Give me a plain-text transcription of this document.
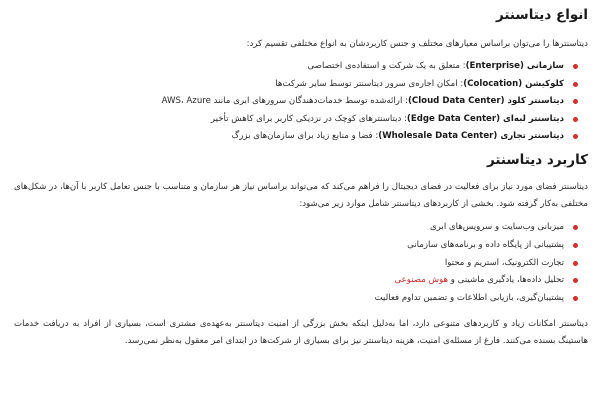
انواع دیتاسنتر

دیتاسنترها را می‌توان براساس معیارهای مختلف و جنس کاربردشان به انواع مختلفی تقسیم کرد:

سازمانی (Enterprise): متعلق به یک شرکت و استفاده‌ی اختصاصی
کلوکیشن (Colocation): امکان اجاره‌ی سرور دیتاسنتر توسط سایر شرکت‌ها
دیتاسنتر کلود (Cloud Data Center): ارائه‌شده توسط خدمات‌دهندگان سرورهای ابری مانند AWS، Azure
دیتاسنتر لبه‌ای (Edge Data Center): دیتاسنترهای کوچک در نزدیکی کاربر برای کاهش تأخیر
دیتاسنتر تجاری (Wholesale Data Center): فضا و منابع زیاد برای سازمان‌های بزرگ
کاربرد دیتاسنتر

دیتاسنتر فضای مورد نیاز برای فعالیت در فضای دیجیتال را فراهم می‌کند که می‌تواند براساس نیاز هر سازمان و متناسب با جنس تعامل کاربر با آن‌ها، در شکل‌های مختلفی به‌کار گرفته شود. بخشی از کاربردهای دیتاسنتر شامل موارد زیر می‌شود:

میزبانی وب‌سایت و سرویس‌های ابری
پشتیبانی از پایگاه داده و برنامه‌های سازمانی
تجارت الکترونیک، استریم و محتوا
تحلیل داده‌ها، یادگیری ماشینی و هوش مصنوعی
پشتیبان‌گیری، بازیابی اطلاعات و تضمین تداوم فعالیت

دیتاسنتر امکانات زیاد و کاربردهای متنوعی دارد، اما به‌دلیل اینکه بخش بزرگی از امنیت دیتاسنتر به‌عهده‌ی مشتری است، بسیاری از افراد به دریافت خدمات هاستینگ بسنده می‌کنند. فارغ از مسئله‌ی امنیت، هزینه دیتاسنتر نیز برای بسیاری از شرکت‌ها در ابتدای امر معقول به‌نظر نمی‌رسد.
